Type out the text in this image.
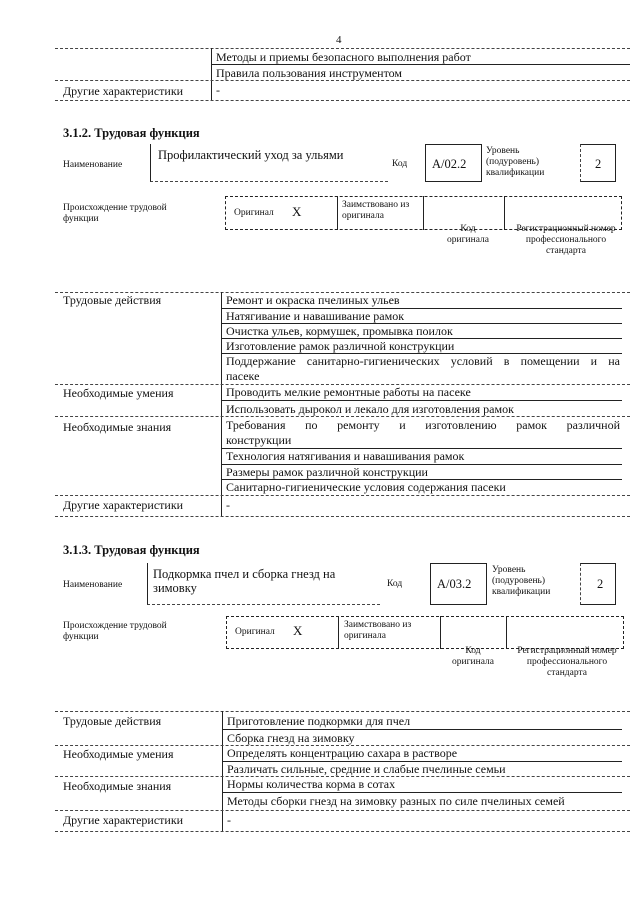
4
Методы и приемы безопасного выполнения работ
Правила пользования инструментом
Другие характеристики	-
3.1.2. Трудовая функция
Наименование
Профилактический уход за ульями
Код А/02.2
Уровень (подуровень) квалификации
2
Происхождение трудовой функции
Оригинал X	Заимствовано из оригинала
Код оригинала
Регистрационный номер профессионального стандарта
Трудовые действия	Ремонт и окраска пчелиных ульев
Натягивание и навашивание рамок
Очистка ульев, кормушек, промывка поилок
Изготовление рамок различной конструкции
Поддержание санитарно-гигиенических условий в помещении и на
пасеке
Необходимые умения	Проводить мелкие ремонтные работы на пасеке
Использовать дырокол и лекало для изготовления рамок
Необходимые знания	Требования по ремонту и изготовлению рамок различной
конструкции
Технология натягивания и навашивания рамок
Размеры рамок различной конструкции
Санитарно-гигиенические условия содержания пасеки
Другие характеристики	-
3.1.3. Трудовая функция
Наименование
Подкормка пчел и сборка гнезд на
зимовку	Код	А/03.2
Уровень (подуровень) квалификации
2
Происхождение трудовой функции	Оригинал X	Заимствовано из оригинала
Код оригинала
Регистрационный номер профессионального стандарта
Трудовые действия	Приготовление подкормки для пчел
Сборка гнезд на зимовку
Необходимые умения	Определять концентрацию сахара в растворе
Различать сильные, средние и слабые пчелиные семьи
Необходимые знания	Нормы количества корма в сотах
Методы сборки гнезд на зимовку разных по силе пчелиных семей
Другие характеристики	-
